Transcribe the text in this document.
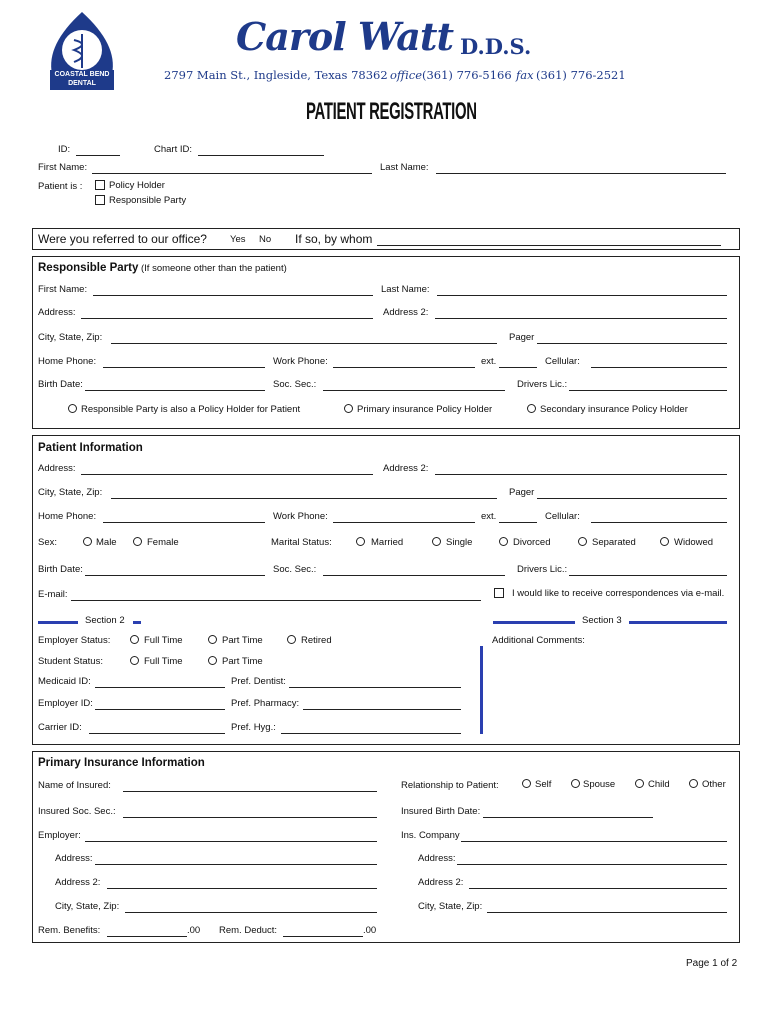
COASTAL BEND
DENTAL
Carol Watt D.D.S.
2797 Main St., Ingleside, Texas 78362 office (361) 776-5166 fax (361) 776-2521
PATIENT REGISTRATION
ID:	Chart ID:
First Name:	Last Name:
Patient is :	Policy Holder
Responsible Party
Were you referred to our office? Yes No If so, by whom
Responsible Party (If someone other than the patient)
First Name:	Last Name:
Address:	Address 2:
City, State, Zip:	Pager
Home Phone:	Work Phone:	ext.	Cellular:
Birth Date:	Soc. Sec.:	Drivers Lic.:
Responsible Party is also a Policy Holder for Patient	Primary insurance Policy Holder	Secondary insurance Policy Holder
Patient Information
Address:	Address 2:
City, State, Zip:	Pager
Home Phone:	Work Phone:	ext.	Cellular:
Sex:	Male	Female	Marital Status:	Married	Single	Divorced	Separated	Widowed
Birth Date:	Soc. Sec.:	Drivers Lic.:
E-mail:	I would like to receive correspondences via e-mail.
Section 2	Section 3
Employer Status:	Full Time	Part Time	Retired	Additional Comments:
Student Status:	Full Time	Part Time
Medicaid ID:	Pref. Dentist:
Employer ID:	Pref. Pharmacy:
Carrier ID:	Pref. Hyg.:
Primary Insurance Information
Name of Insured:	Relationship to Patient:	Self	Spouse	Child	Other
Insured Soc. Sec.:	Insured Birth Date:
Employer:	Ins. Company
Address:	Address:
Address 2:	Address 2:
City, State, Zip:	City, State, Zip:
Rem. Benefits:	.00 Rem. Deduct:	.00
Page 1 of 2
